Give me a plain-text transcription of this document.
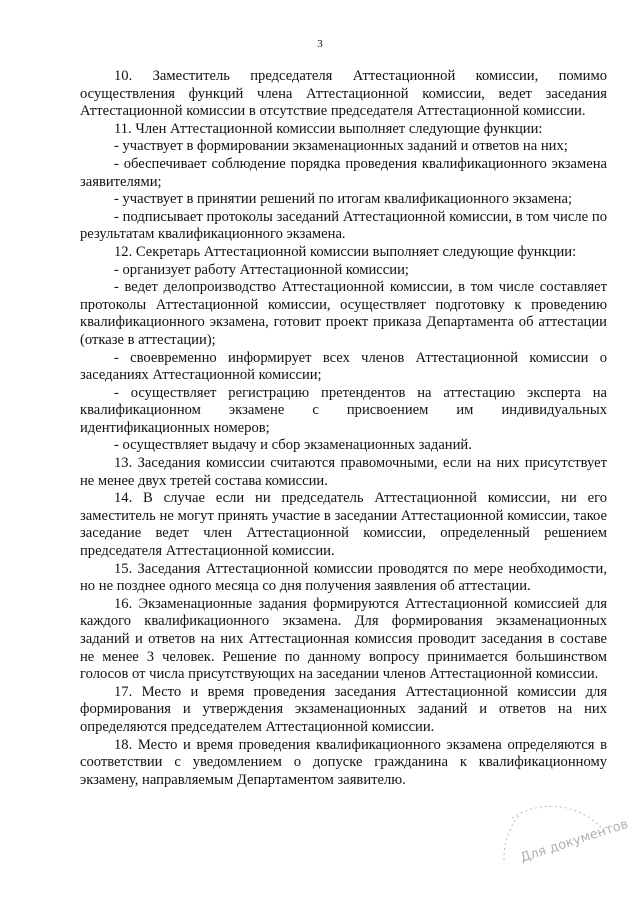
3

10. Заместитель председателя Аттестационной комиссии, помимо осуществления функций члена Аттестационной комиссии, ведет заседания Аттестационной комиссии в отсутствие председателя Аттестационной комиссии.

11. Член Аттестационной комиссии выполняет следующие функции:

- участвует в формировании экзаменационных заданий и ответов на них;

- обеспечивает соблюдение порядка проведения квалификационного экзамена заявителями;

- участвует в принятии решений по итогам квалификационного экзамена;

- подписывает протоколы заседаний Аттестационной комиссии, в том числе по результатам квалификационного экзамена.

12. Секретарь Аттестационной комиссии выполняет следующие функции:

- организует работу Аттестационной комиссии;

- ведет делопроизводство Аттестационной комиссии, в том числе составляет протоколы Аттестационной комиссии, осуществляет подготовку к проведению квалификационного экзамена, готовит проект приказа Департамента об аттестации (отказе в аттестации);

- своевременно информирует всех членов Аттестационной комиссии о заседаниях Аттестационной комиссии;

- осуществляет регистрацию претендентов на аттестацию эксперта на квалификационном экзамене с присвоением им индивидуальных идентификационных номеров;

- осуществляет выдачу и сбор экзаменационных заданий.

13. Заседания комиссии считаются правомочными, если на них присутствует не менее двух третей состава комиссии.

14. В случае если ни председатель Аттестационной комиссии, ни его заместитель не могут принять участие в заседании Аттестационной комиссии, такое заседание ведет член Аттестационной комиссии, определенный решением председателя Аттестационной комиссии.

15. Заседания Аттестационной комиссии проводятся по мере необходимости, но не позднее одного месяца со дня получения заявления об аттестации.

16. Экзаменационные задания формируются Аттестационной комиссией для каждого квалификационного экзамена. Для формирования экзаменационных заданий и ответов на них Аттестационная комиссия проводит заседания в составе не менее 3 человек. Решение по данному вопросу принимается большинством голосов от числа присутствующих на заседании членов Аттестационной комиссии.

17. Место и время проведения заседания Аттестационной комиссии для формирования и утверждения экзаменационных заданий и ответов на них определяются председателем Аттестационной комиссии.

18. Место и время проведения квалификационного экзамена определяются в соответствии с уведомлением о допуске гражданина к квалификационному экзамену, направляемым Департаментом заявителю.

Для документов
